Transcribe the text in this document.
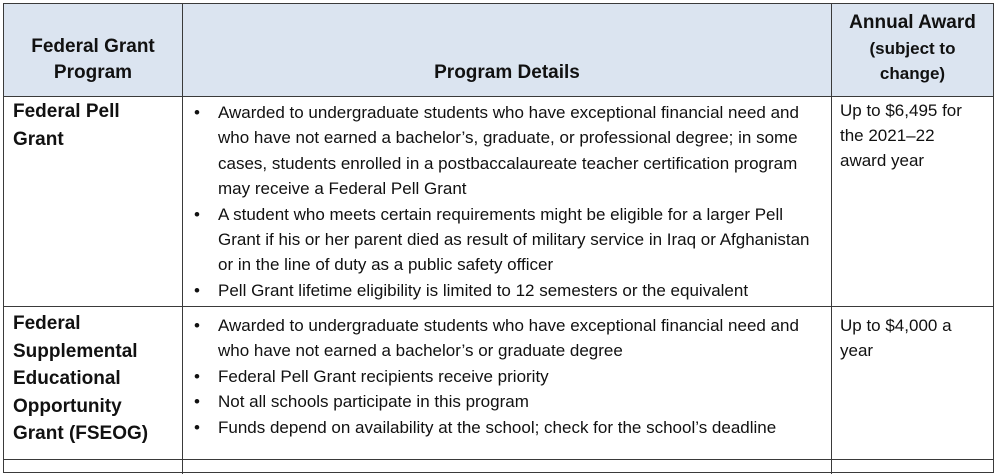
Federal Grant
Program	Program Details
Annual Award
(subject to
change)
Federal Pell
Grant
• Awarded to undergraduate students who have exceptional financial need and who have not earned a bachelor’s, graduate, or professional degree; in some cases, students enrolled in a postbaccalaureate teacher certification program may receive a Federal Pell Grant
• A student who meets certain requirements might be eligible for a larger Pell Grant if his or her parent died as result of military service in Iraq or Afghanistan or in the line of duty as a public safety officer
• Pell Grant lifetime eligibility is limited to 12 semesters or the equivalent
Up to $6,495 for
the 2021–22
award year
Federal
Supplemental
Educational
Opportunity
Grant (FSEOG)
• Awarded to undergraduate students who have exceptional financial need and who have not earned a bachelor’s or graduate degree
• Federal Pell Grant recipients receive priority
• Not all schools participate in this program
• Funds depend on availability at the school; check for the school’s deadline
Up to $4,000 a
year
